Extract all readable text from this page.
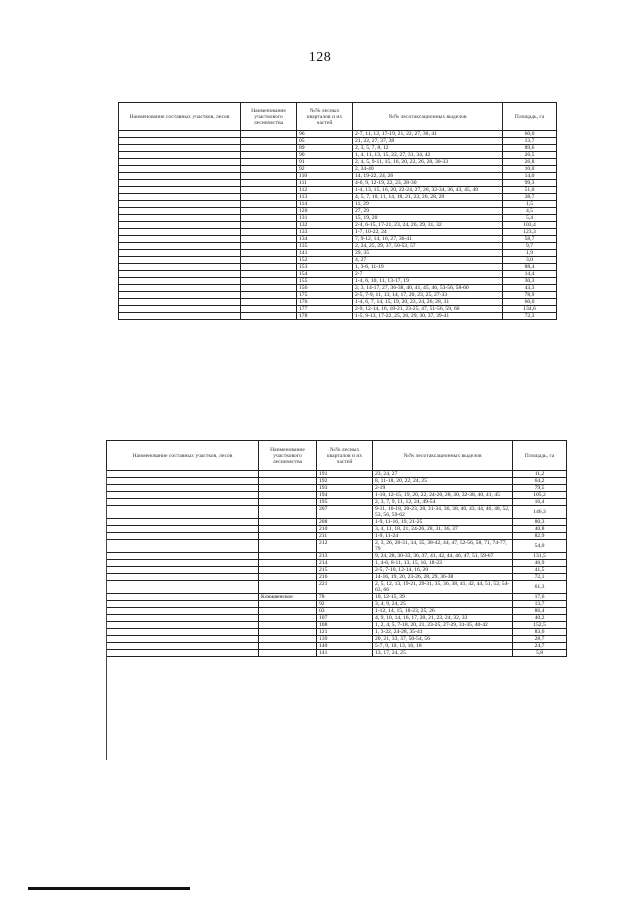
128
Наименование составных участков, лесов	Наименование участкового лесничества	№№ лесных кварталов и их частей	№№ лесотаксационных выделов	Площадь, га
		96	2-7, 11, 12, 17-19, 21, 22, 27, 30, 41	60,0
		05	21, 22, 27, 37, 38	13,7
		89	2, 3, 5, 7, 8, 12	89,6
		90	1, 4, 11, 13, 15, 22, 27, 31, 34, 42	26,5
		91	2, 4, 5, 9-11, 15, 16, 20, 22, 26, 28, 30-33	26,8
		92	2, 34-40	10,0
		110	14, 19-22, 24, 26	14,0
		111	4-6, 9, 12-19, 22, 23, 28-30	99,3
		112	1-4, 13, 15, 16, 20, 22-24, 27, 28, 32-34, 36, 43, 45, 49	51,0
		113	4, 5, 7, 10, 11, 14, 18, 21, 23, 26, 28, 29	38,7
		114	11, 29	1,5
		120	27, 29	4,5
		131	15, 19, 20	5,4
		132	2-4, 6-15, 17-21, 23, 24, 26, 29, 31, 32	103,4
		133	1-7, 10-22, 24	123,3
		134	7, 9-12, 14, 16, 27, 36-41	58,7
		135	2, 24, 25, 29, 37, 50-53, 57	9,7
		141	29, 35	1,9
		152	4, 27	3,0
		153	1, 3-6, 11-19	88,4
		154	2-7	14,4
		155	1-4, 6, 10, 11, 13-17, 19	30,3
		156	2, 3, 14-17, 27, 36-38, 40, 41, 45, 46, 53-56, 58-60	43,3
		175	2-5, 7-9, 11, 13, 14, 17, 20, 23, 25, 27-33	78,9
		176	1-4, 6, 7, 14, 15, 19, 20, 23, 24, 26, 28, 31	60,0
		177	2-9, 12-14, 16, 18-21, 23-25, 47, 51-56, 59, 60	134,6
		178	1-5, 9-13, 17-22, 25, 26, 29, 30, 37, 39-41	72,3
Наименование составных участков, лесов	Наименование участкового лесничества	№№ лесных кварталов и их частей	№№ лесотаксационных выделов	Площадь, га
		191	23, 24, 27	11,2
		192	8, 11-18, 20, 22, 24, 25	64,2
		193	2-19	79,5
		194	1-10, 12-15, 19, 20, 22, 24-26, 28, 30, 32-38, 40, 41, 45	105,2
		195	2, 3, 7, 9, 11, 12, 24, 49-54	16,4
		207	9-11, 16-18, 20-23, 28, 31-34, 36, 38, 40, 43, 44, 46, 48, 52, 53, 56, 59-62	146,3
		208	1-9, 11-16, 19, 21-25	80,3
		210	3, 4, 11, 18, 21, 24-26, 28, 31, 36, 37	40,8
		211	1-9, 11-24	82,9
		212	2, 3, 26, 28-31, 34, 35, 38-42, 44, 47, 52-56, 58, 71, 74-77, 79	54,0
		213	9, 24, 28, 30-33, 36, 37, 41, 42, 44, 46, 47, 51, 59-67	131,5
		214	1, 4-6, 8-11, 13, 15, 16, 18-23	46,9
		215	2-5, 7-10, 12-14, 16, 20	41,5
		216	14-16, 19, 20, 23-26, 28, 29, 36-38	72,1
		221	2, 5, 12, 13, 19-21, 29-31, 35, 36, 38, 41, 42, 44, 51, 52, 54-63, 66	61,3
	Клюквенское	78	10, 12-15, 39	17,6
		92	3, 4, 9, 24, 25	13,7
		03	1-12, 14, 15, 18-23, 25, 26	86,4
		107	4, 9, 10, 14, 16, 17, 20, 21, 23, 24, 32, 33	40,2
		108	1, 2, 4, 5, 7-18, 20, 21, 23-25, 27-29, 31-35, 40-42	152,5
		121	1, 3-22, 24-28, 35-41	83,6
		139	20, 21, 33, 37, 50-54, 56	28,7
		140	5-7, 9, 10, 13, 16, 18	24,7
		141	13, 17, 24, 25	5,8
